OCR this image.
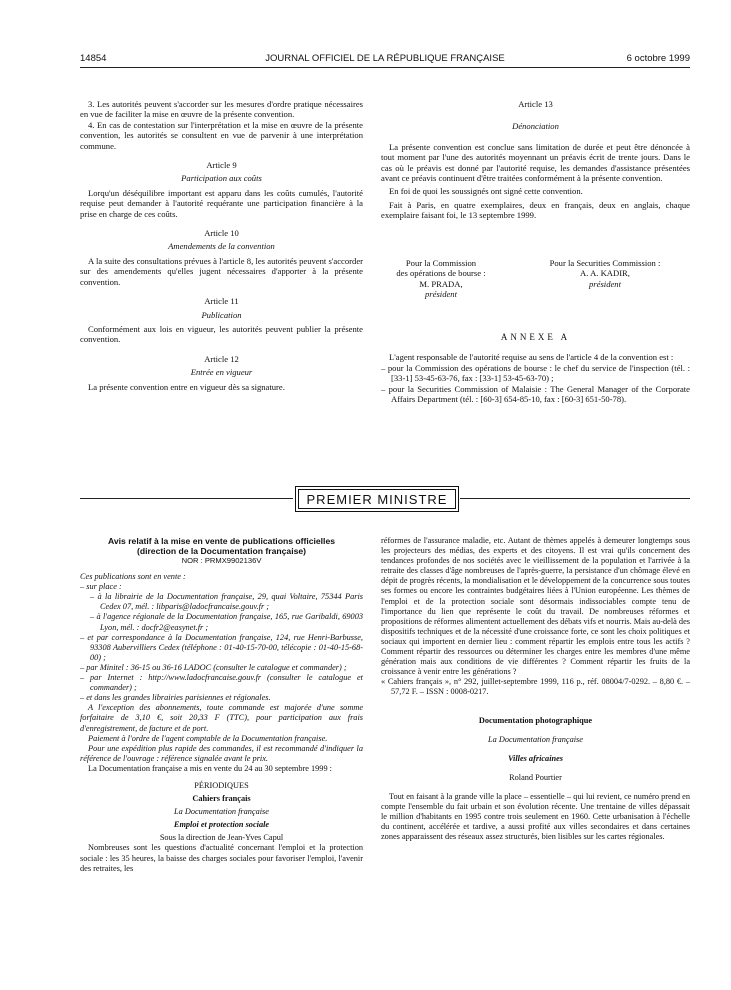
14854	JOURNAL OFFICIEL DE LA RÉPUBLIQUE FRANÇAISE	6 octobre 1999

3. Les autorités peuvent s'accorder sur les mesures d'ordre pratique nécessaires en vue de faciliter la mise en œuvre de la présente convention.

4. En cas de contestation sur l'interprétation et la mise en œuvre de la présente convention, les autorités se consultent en vue de parvenir à une interprétation commune.

Article 9

Participation aux coûts

Lorqu'un déséquilibre important est apparu dans les coûts cumulés, l'autorité requise peut demander à l'autorité requérante une participation financière à la prise en charge de ces coûts.

Article 10

Amendements de la convention

A la suite des consultations prévues à l'article 8, les autorités peuvent s'accorder sur des amendements qu'elles jugent nécessaires d'apporter à la présente convention.

Article 11

Publication

Conformément aux lois en vigueur, les autorités peuvent publier la présente convention.

Article 12

Entrée en vigueur

La présente convention entre en vigueur dès sa signature.

Article 13

Dénonciation

La présente convention est conclue sans limitation de durée et peut être dénoncée à tout moment par l'une des autorités moyennant un préavis écrit de trente jours. Dans le cas où le préavis est donné par l'autorité requise, les demandes d'assistance présentées avant ce préavis continuent d'être traitées conformément à la présente convention.

En foi de quoi les soussignés ont signé cette convention.

Fait à Paris, en quatre exemplaires, deux en français, deux en anglais, chaque exemplaire faisant foi, le 13 septembre 1999.

Pour la Commission
des opérations de bourse :
M. PRADA,
président
Pour la Securities Commission :
A. A. KADIR,
président

ANNEXE A

L'agent responsable de l'autorité requise au sens de l'article 4 de la convention est :

– pour la Commission des opérations de bourse : le chef du service de l'inspection (tél. : [33-1] 53-45-63-76, fax : [33-1] 53-45-63-70) ;

– pour la Securities Commission of Malaisie : The General Manager of the Corporate Affairs Department (tél. : [60-3] 654-85-10, fax : [60-3] 651-50-78).

PREMIER MINISTRE

Avis relatif à la mise en vente de publications officielles

(direction de la Documentation française)

NOR : PRMX9902136V

Ces publications sont en vente :

– sur place :

– à la librairie de la Documentation française, 29, quai Voltaire, 75344 Paris Cedex 07, mél. : libparis@ladocfrancaise.gouv.fr ;

– à l'agence régionale de la Documentation française, 165, rue Garibaldi, 69003 Lyon, mél. : docfr2@easynet.fr ;

– et par correspondance à la Documentation française, 124, rue Henri-Barbusse, 93308 Aubervilliers Cedex (téléphone : 01-40-15-70-00, télécopie : 01-40-15-68-00) ;

– par Minitel : 36-15 ou 36-16 LADOC (consulter le catalogue et commander) ;

– par Internet : http://www.ladocfrancaise.gouv.fr (consulter le catalogue et commander) ;

– et dans les grandes librairies parisiennes et régionales.

A l'exception des abonnements, toute commande est majorée d'une somme forfaitaire de 3,10 €, soit 20,33 F (TTC), pour participation aux frais d'enregistrement, de facture et de port.

Paiement à l'ordre de l'agent comptable de la Documentation française.

Pour une expédition plus rapide des commandes, il est recommandé d'indiquer la référence de l'ouvrage : référence signalée avant le prix.

La Documentation française a mis en vente du 24 au 30 septembre 1999 :

PÉRIODIQUES

Cahiers français

La Documentation française

Emploi et protection sociale

Sous la direction de Jean-Yves Capul

Nombreuses sont les questions d'actualité concernant l'emploi et la protection sociale : les 35 heures, la baisse des charges sociales pour favoriser l'emploi, l'avenir des retraites, les

réformes de l'assurance maladie, etc. Autant de thèmes appelés à demeurer longtemps sous les projecteurs des médias, des experts et des citoyens. Il est vrai qu'ils concernent des tendances profondes de nos sociétés avec le vieillissement de la population et l'arrivée à la retraite des classes d'âge nombreuses de l'après-guerre, la persistance d'un chômage élevé en dépit de progrès récents, la mondialisation et le développement de la concurrence sous toutes ses formes ou encore les contraintes budgétaires liées à l'Union européenne. Les thèmes de l'emploi et de la protection sociale sont désormais indissociables compte tenu de l'importance du lien que représente le coût du travail. De nombreuses réformes et propositions de réformes alimentent actuellement des débats vifs et nourris. Mais au-delà des dispositifs techniques et de la nécessité d'une croissance forte, ce sont les choix politiques et sociaux qui importent en dernier lieu : comment répartir les emplois entre tous les actifs ? Comment répartir des ressources ou déterminer les charges entre les membres d'une même génération mais aux conditions de vie différentes ? Comment répartir les fruits de la croissance à venir entre les générations ?

« Cahiers français », n° 292, juillet-septembre 1999, 116 p., réf. 08004/7-0292. – 8,80 €. – 57,72 F. – ISSN : 0008-0217.

Documentation photographique

La Documentation française

Villes africaines

Roland Pourtier

Tout en faisant à la grande ville la place – essentielle – qui lui revient, ce numéro prend en compte l'ensemble du fait urbain et son évolution récente. Une trentaine de villes dépassait le million d'habitants en 1995 contre trois seulement en 1960. Cette urbanisation à l'échelle du continent, accélérée et tardive, a aussi profité aux villes secondaires et dans certaines zones apparaissent des réseaux assez structurés, bien lisibles sur les cartes régionales.
